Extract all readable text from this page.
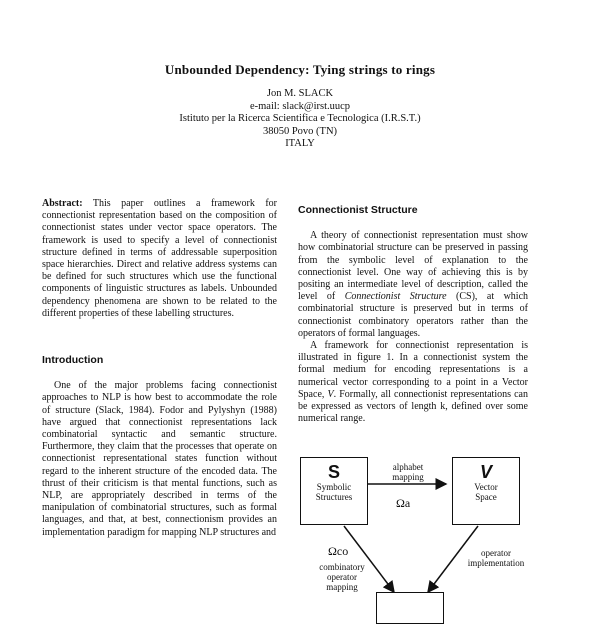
Unbounded Dependency: Tying strings to rings
Jon M. SLACK
e-mail: slack@irst.uucp
Istituto per la Ricerca Scientifica e Tecnologica (I.R.S.T.)
38050 Povo (TN)
ITALY

Abstract: This paper outlines a framework for connectionist representation based on the composition of connectionist states under vector space operators. The framework is used to specify a level of connectionist structure defined in terms of addressable superposition space hierarchies. Direct and relative address systems can be defined for such structures which use the functional components of linguistic structures as labels. Unbounded dependency phenomena are shown to be related to the different properties of these labelling structures.

Introduction

One of the major problems facing connectionist approaches to NLP is how best to accommodate the role of structure (Slack, 1984). Fodor and Pylyshyn (1988) have argued that connectionist representations lack combinatorial syntactic and semantic structure. Furthermore, they claim that the processes that operate on connectionist representational states function without regard to the inherent structure of the encoded data. The thrust of their criticism is that mental functions, such as NLP, are appropriately described in terms of the manipulation of combinatorial structures, such as formal languages, and that, at best, connectionism provides an implementation paradigm for mapping NLP structures and

Connectionist Structure

A theory of connectionist representation must show how combinatorial structure can be preserved in passing from the symbolic level of explanation to the connectionist level. One way of achieving this is by positing an intermediate level of description, called the level of Connectionist Structure (CS), at which combinatorial structure is preserved but in terms of connectionist combinatory operators rather than the operators of formal languages.

A framework for connectionist representation is illustrated in figure 1. In a connectionist system the formal medium for encoding representations is a numerical vector corresponding to a point in a Vector Space, V. Formally, all connectionist representations can be expressed as vectors of length k, defined over some numerical range.

S
Symbolic
Structures
V
Vector
Space
alphabet
mapping
Ωa
Ωco
combinatory
operator
mapping
operator
implementation
